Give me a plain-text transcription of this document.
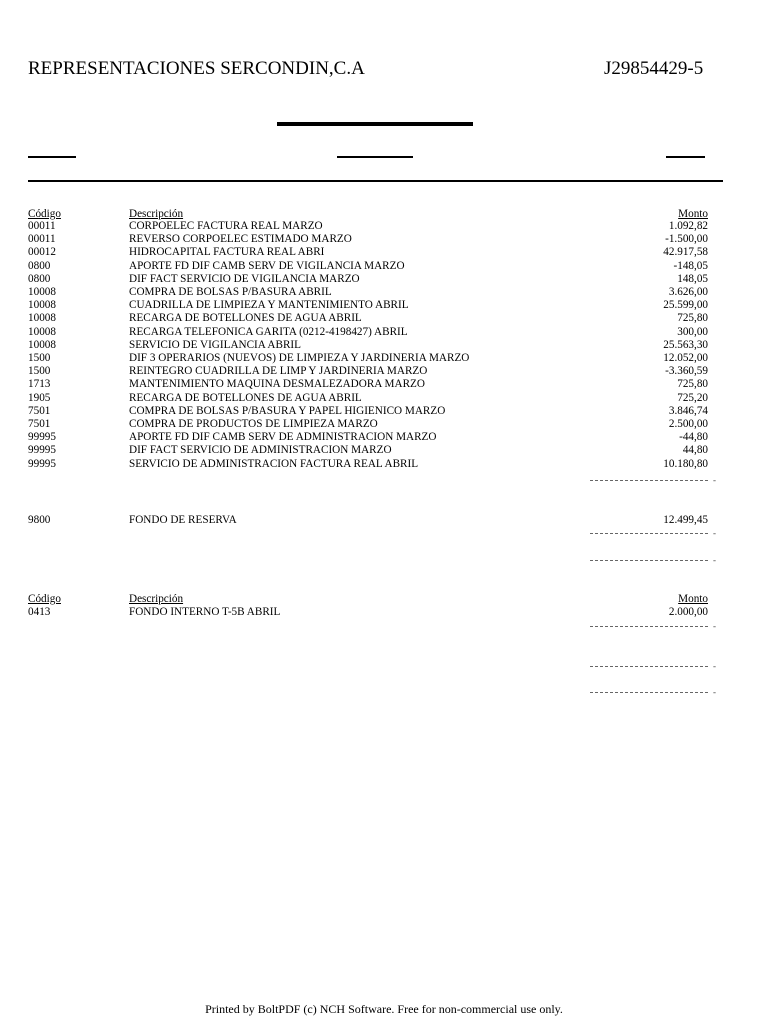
REPRESENTACIONES SERCONDIN,C.A	J29854429-5
Código	Descripción	Monto
00011	CORPOELEC FACTURA REAL MARZO	1.092,82
00011	REVERSO CORPOELEC ESTIMADO MARZO	-1.500,00
00012	HIDROCAPITAL FACTURA REAL ABRI	42.917,58
0800	APORTE FD DIF CAMB SERV DE VIGILANCIA MARZO	-148,05
0800	DIF FACT SERVICIO DE VIGILANCIA MARZO	148,05
10008	COMPRA DE BOLSAS P/BASURA ABRIL	3.626,00
10008	CUADRILLA DE LIMPIEZA Y MANTENIMIENTO ABRIL	25.599,00
10008	RECARGA DE BOTELLONES DE AGUA ABRIL	725,80
10008	RECARGA TELEFONICA GARITA (0212-4198427) ABRIL	300,00
10008	SERVICIO DE VIGILANCIA ABRIL	25.563,30
1500	DIF 3 OPERARIOS (NUEVOS) DE LIMPIEZA Y JARDINERIA MARZO	12.052,00
1500	REINTEGRO CUADRILLA DE LIMP Y JARDINERIA MARZO	-3.360,59
1713	MANTENIMIENTO MAQUINA DESMALEZADORA MARZO	725,80
1905	RECARGA DE BOTELLONES DE AGUA ABRIL	725,20
7501	COMPRA DE BOLSAS P/BASURA Y PAPEL HIGIENICO MARZO	3.846,74
7501	COMPRA DE PRODUCTOS DE LIMPIEZA MARZO	2.500,00
99995	APORTE FD DIF CAMB SERV DE ADMINISTRACION MARZO	-44,80
99995	DIF FACT SERVICIO DE ADMINISTRACION MARZO	44,80
99995	SERVICIO DE ADMINISTRACION FACTURA REAL ABRIL	10.180,80
-
9800	FONDO DE RESERVA	12.499,45
-
-
Código	Descripción	Monto
0413	FONDO INTERNO T-5B ABRIL	2.000,00
-
-
-
Printed by BoltPDF (c) NCH Software. Free for non-commercial use only.
